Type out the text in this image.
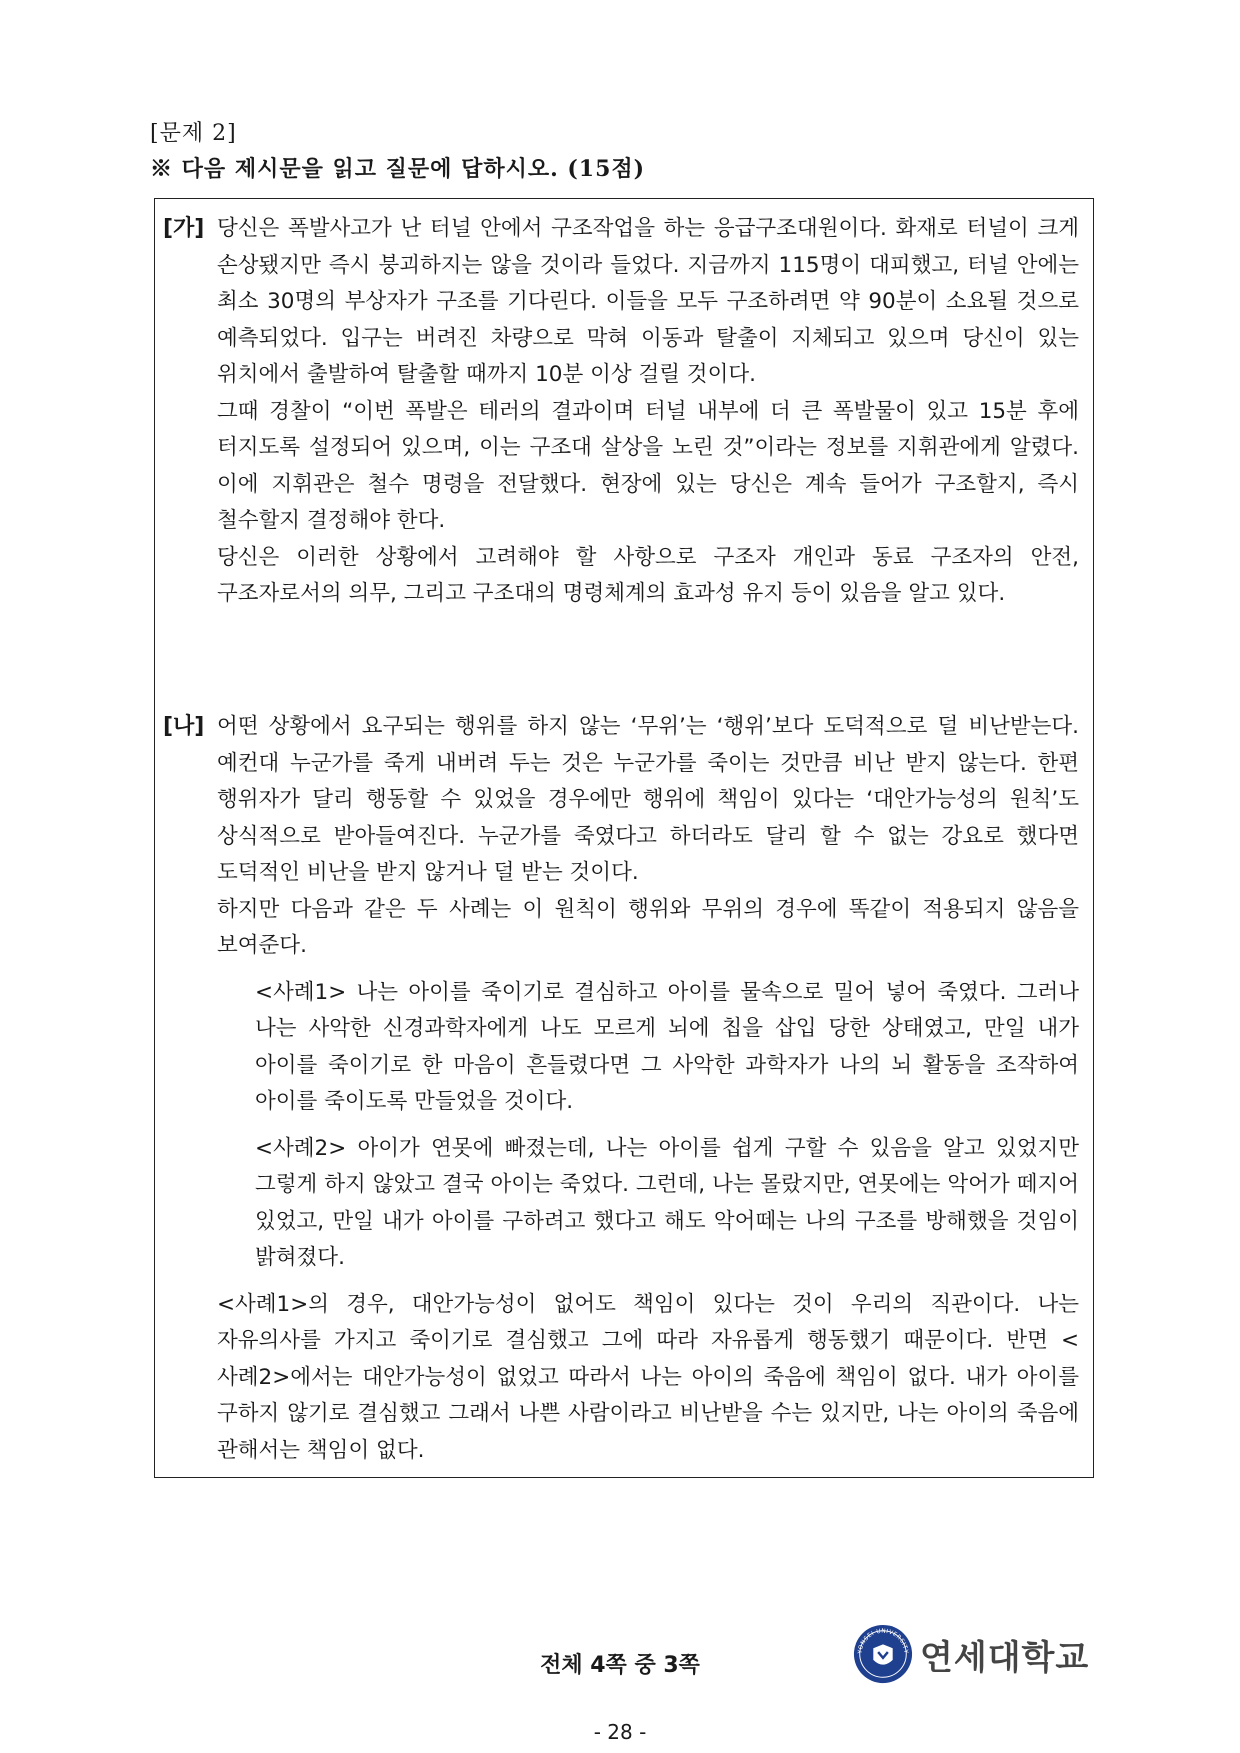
[문제 2]
※ 다음 제시문을 읽고 질문에 답하시오. (15점)
[가] 당신은 폭발사고가 난 터널 안에서 구조작업을 하는 응급구조대원이다. 화재로 터널이 크게 손상됐지만 즉시 붕괴하지는 않을 것이라 들었다. 지금까지 115명이 대피했고, 터널 안에는 최소 30명의 부상자가 구조를 기다린다. 이들을 모두 구조하려면 약 90분이 소요될 것으로 예측되었다. 입구는 버려진 차량으로 막혀 이동과 탈출이 지체되고 있으며 당신이 있는 위치에서 출발하여 탈출할 때까지 10분 이상 걸릴 것이다.

그때 경찰이 “이번 폭발은 테러의 결과이며 터널 내부에 더 큰 폭발물이 있고 15분 후에 터지도록 설정되어 있으며, 이는 구조대 살상을 노린 것”이라는 정보를 지휘관에게 알렸다. 이에 지휘관은 철수 명령을 전달했다. 현장에 있는 당신은 계속 들어가 구조할지, 즉시 철수할지 결정해야 한다.

당신은 이러한 상황에서 고려해야 할 사항으로 구조자 개인과 동료 구조자의 안전, 구조자로서의 의무, 그리고 구조대의 명령체계의 효과성 유지 등이 있음을 알고 있다.

[나] 어떤 상황에서 요구되는 행위를 하지 않는 ‘무위’는 ‘행위’보다 도덕적으로 덜 비난받는다. 예컨대 누군가를 죽게 내버려 두는 것은 누군가를 죽이는 것만큼 비난 받지 않는다. 한편 행위자가 달리 행동할 수 있었을 경우에만 행위에 책임이 있다는 ‘대안가능성의 원칙’도 상식적으로 받아들여진다. 누군가를 죽였다고 하더라도 달리 할 수 없는 강요로 했다면 도덕적인 비난을 받지 않거나 덜 받는 것이다.

하지만 다음과 같은 두 사례는 이 원칙이 행위와 무위의 경우에 똑같이 적용되지 않음을 보여준다.

<사례1> 나는 아이를 죽이기로 결심하고 아이를 물속으로 밀어 넣어 죽였다. 그러나 나는 사악한 신경과학자에게 나도 모르게 뇌에 칩을 삽입 당한 상태였고, 만일 내가 아이를 죽이기로 한 마음이 흔들렸다면 그 사악한 과학자가 나의 뇌 활동을 조작하여 아이를 죽이도록 만들었을 것이다.

<사례2> 아이가 연못에 빠졌는데, 나는 아이를 쉽게 구할 수 있음을 알고 있었지만 그렇게 하지 않았고 결국 아이는 죽었다. 그런데, 나는 몰랐지만, 연못에는 악어가 떼지어 있었고, 만일 내가 아이를 구하려고 했다고 해도 악어떼는 나의 구조를 방해했을 것임이 밝혀졌다.

<사례1>의 경우, 대안가능성이 없어도 책임이 있다는 것이 우리의 직관이다. 나는 자유의사를 가지고 죽이기로 결심했고 그에 따라 자유롭게 행동했기 때문이다. 반면 <사례2>에서는 대안가능성이 없었고 따라서 나는 아이의 죽음에 책임이 없다. 내가 아이를 구하지 않기로 결심했고 그래서 나쁜 사람이라고 비난받을 수는 있지만, 나는 아이의 죽음에 관해서는 책임이 없다.

전체 4쪽 중 3쪽
YONSEI UNIVERSITY 연세대학교
- 28 -
